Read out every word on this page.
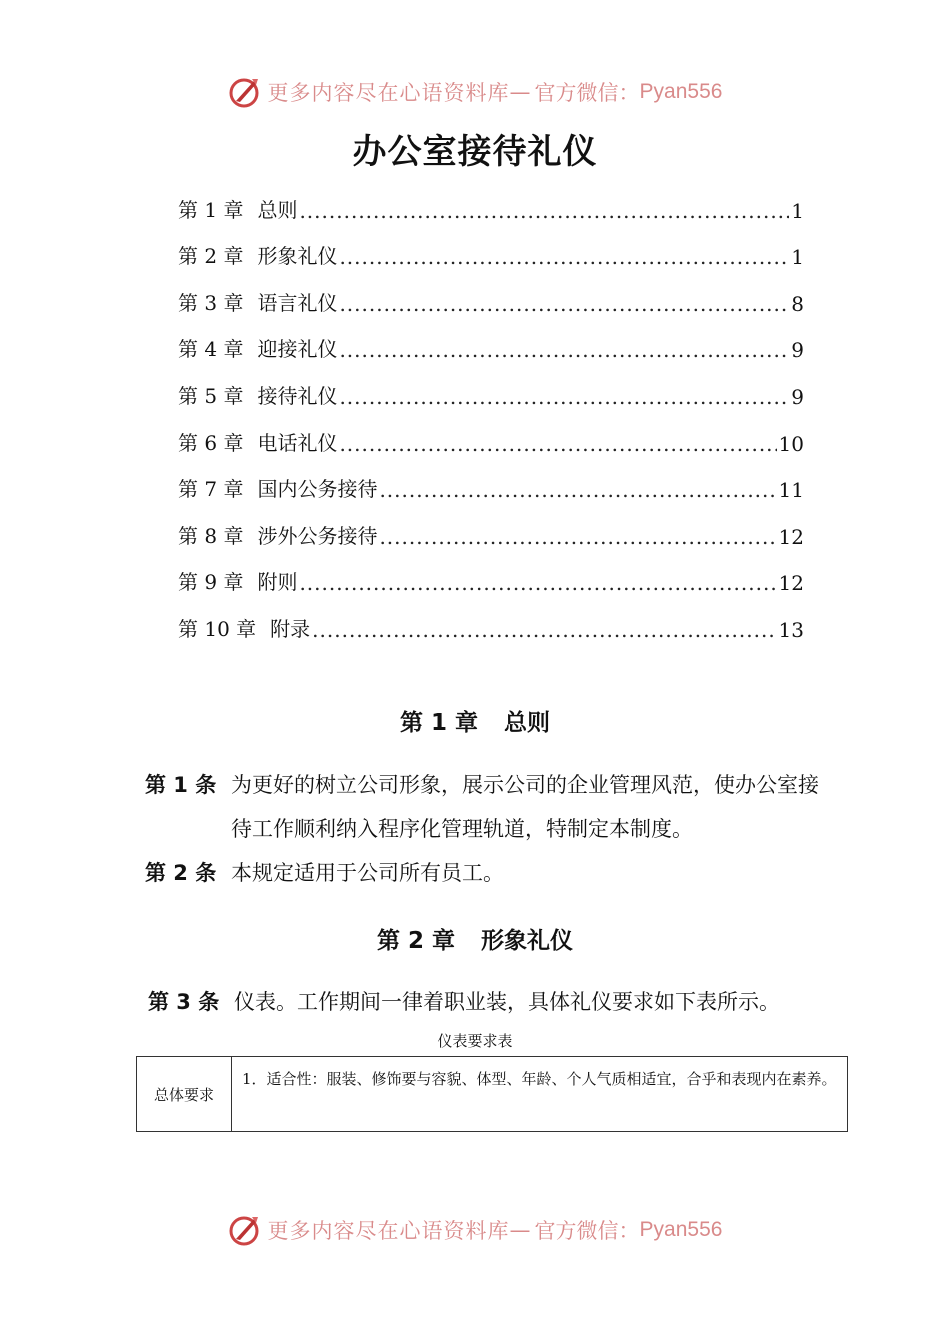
更多内容尽在心语资料库 — 官方微信： Pyan556
办公室接待礼仪
第 1 章 总则 .....	1
第 2 章 形象礼仪 .....	1
第 3 章 语言礼仪 .....	8
第 4 章 迎接礼仪 .....	9
第 5 章 接待礼仪 .....	9
第 6 章 电话礼仪 .....	10
第 7 章 国内公务接待 .....	11
第 8 章 涉外公务接待 .....	12
第 9 章 附则 .....	12
第 10 章 附录 .....	13
第 1 章 总则
第 1 条 为更好的树立公司形象，展示公司的企业管理风范，使办公室接待工作顺利纳入程序化管理轨道，特制定本制度。
第 2 条 本规定适用于公司所有员工。
第 2 章 形象礼仪
第 3 条 仪表。工作期间一律着职业装，具体礼仪要求如下表所示。
仪表要求表
总体要求
1．适合性：服装、修饰要与容貌、体型、年龄、个人气质相适宜，合乎和表现内在素养。
更多内容尽在心语资料库 — 官方微信： Pyan556
